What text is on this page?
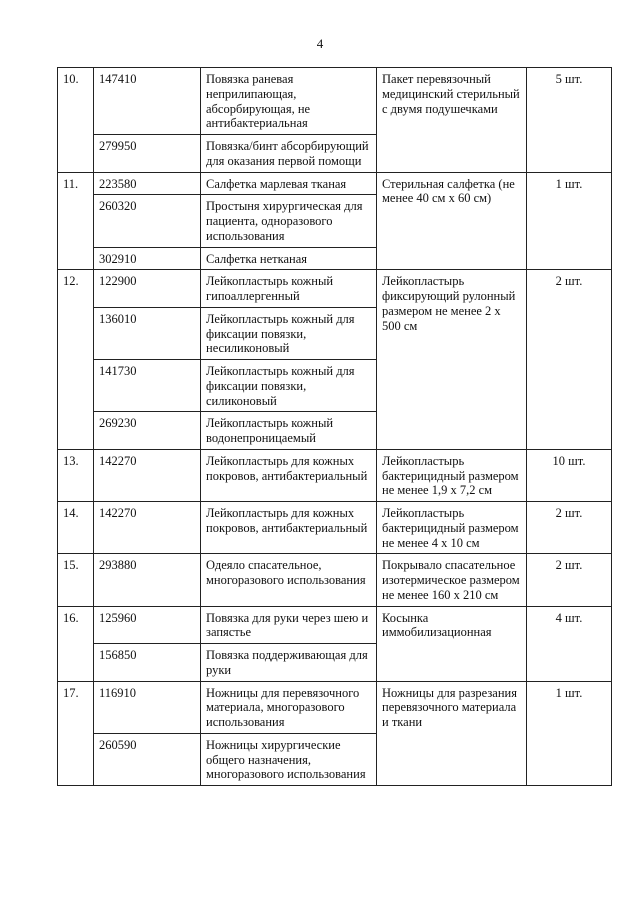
4
10.	147410	Повязка раневая неприлипающая, абсорбирующая, не антибактериальная	Пакет перевязочный медицинский стерильный с двумя подушечками	5 шт.
	279950	Повязка/бинт абсорбирующий для оказания первой помощи		
11.	223580	Салфетка марлевая тканая	Стерильная салфетка (не менее 40 см х 60 см)	1 шт.
	260320	Простыня хирургическая для пациента, одноразового использования		
	302910	Салфетка нетканая		
12.	122900	Лейкопластырь кожный гипоаллергенный	Лейкопластырь фиксирующий рулонный размером не менее 2 х 500 см	2 шт.
	136010	Лейкопластырь кожный для фиксации повязки, несиликоновый		
	141730	Лейкопластырь кожный для фиксации повязки, силиконовый		
	269230	Лейкопластырь кожный водонепроницаемый		
13.	142270	Лейкопластырь для кожных покровов, антибактериальный	Лейкопластырь бактерицидный размером не менее 1,9 х 7,2 см	10 шт.
14.	142270	Лейкопластырь для кожных покровов, антибактериальный	Лейкопластырь бактерицидный размером не менее 4 х 10 см	2 шт.
15.	293880	Одеяло спасательное, многоразового использования	Покрывало спасательное изотермическое размером не менее 160 х 210 см	2 шт.
16.	125960	Повязка для руки через шею и запястье	Косынка иммобилизационная	4 шт.
	156850	Повязка поддерживающая для руки		
17.	116910	Ножницы для перевязочного материала, многоразового использования	Ножницы для разрезания перевязочного материала и ткани	1 шт.
	260590	Ножницы хирургические общего назначения, многоразового использования		
